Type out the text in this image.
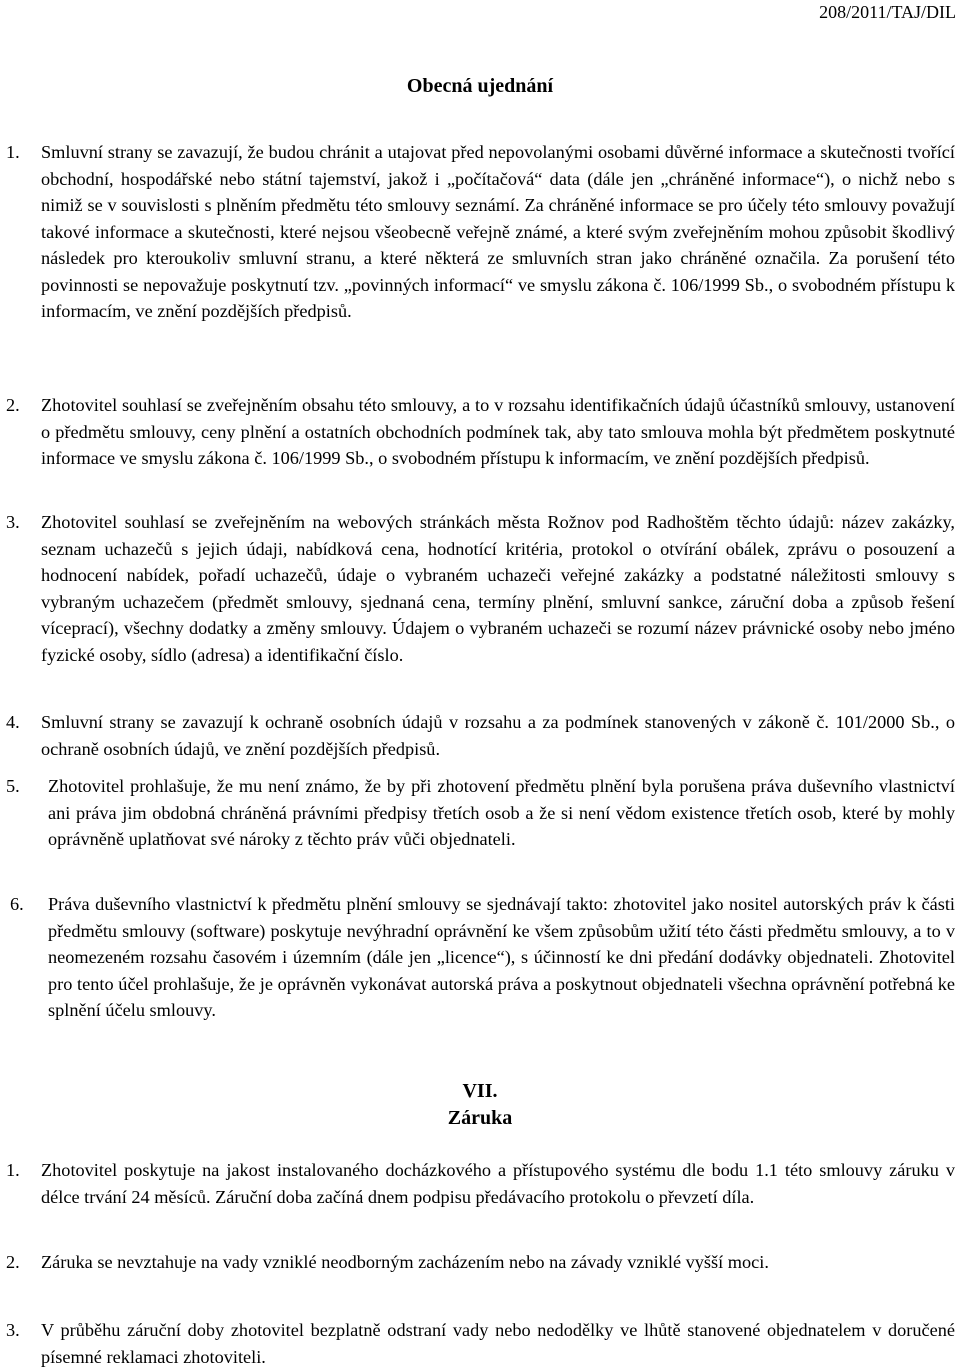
208/2011/TAJ/DIL
Obecná ujednání
1. Smluvní strany se zavazují, že budou chránit a utajovat před nepovolanými osobami důvěrné informace a skutečnosti tvořící obchodní, hospodářské nebo státní tajemství, jakož i „počítačová“ data (dále jen „chráněné informace“), o nichž nebo s nimiž se v souvislosti s plněním předmětu této smlouvy seznámí. Za chráněné informace se pro účely této smlouvy považují takové informace a skutečnosti, které nejsou všeobecně veřejně známé, a které svým zveřejněním mohou způsobit škodlivý následek pro kteroukoliv smluvní stranu, a které některá ze smluvních stran jako chráněné označila. Za porušení této povinnosti se nepovažuje poskytnutí tzv. „povinných informací“ ve smyslu zákona č. 106/1999 Sb., o svobodném přístupu k informacím, ve znění pozdějších předpisů.
2. Zhotovitel souhlasí se zveřejněním obsahu této smlouvy, a to v rozsahu identifikačních údajů účastníků smlouvy, ustanovení o předmětu smlouvy, ceny plnění a ostatních obchodních podmínek tak, aby tato smlouva mohla být předmětem poskytnuté informace ve smyslu zákona č. 106/1999 Sb., o svobodném přístupu k informacím, ve znění pozdějších předpisů.
3. Zhotovitel souhlasí se zveřejněním na webových stránkách města Rožnov pod Radhoštěm těchto údajů: název zakázky, seznam uchazečů s jejich údaji, nabídková cena, hodnotící kritéria, protokol o otvírání obálek, zprávu o posouzení a hodnocení nabídek, pořadí uchazečů, údaje o vybraném uchazeči veřejné zakázky a podstatné náležitosti smlouvy s vybraným uchazečem (předmět smlouvy, sjednaná cena, termíny plnění, smluvní sankce, záruční doba a způsob řešení víceprací), všechny dodatky a změny smlouvy. Údajem o vybraném uchazeči se rozumí název právnické osoby nebo jméno fyzické osoby, sídlo (adresa) a identifikační číslo.
4. Smluvní strany se zavazují k ochraně osobních údajů v rozsahu a za podmínek stanovených v zákoně č. 101/2000 Sb., o ochraně osobních údajů, ve znění pozdějších předpisů.
5. Zhotovitel prohlašuje, že mu není známo, že by při zhotovení předmětu plnění byla porušena práva duševního vlastnictví ani práva jim obdobná chráněná právními předpisy třetích osob a že si není vědom existence třetích osob, které by mohly oprávněně uplatňovat své nároky z těchto práv vůči objednateli.
6. Práva duševního vlastnictví k předmětu plnění smlouvy se sjednávají takto: zhotovitel jako nositel autorských práv k části předmětu smlouvy (software) poskytuje nevýhradní oprávnění ke všem způsobům užití této části předmětu smlouvy, a to v neomezeném rozsahu časovém i územním (dále jen „licence“), s účinností ke dni předání dodávky objednateli. Zhotovitel pro tento účel prohlašuje, že je oprávněn vykonávat autorská práva a poskytnout objednateli všechna oprávnění potřebná ke splnění účelu smlouvy.
VII.
Záruka
1. Zhotovitel poskytuje na jakost instalovaného docházkového a přístupového systému dle bodu 1.1 této smlouvy záruku v délce trvání 24 měsíců. Záruční doba začíná dnem podpisu předávacího protokolu o převzetí díla.
2. Záruka se nevztahuje na vady vzniklé neodborným zacházením nebo na závady vzniklé vyšší moci.
3. V průběhu záruční doby zhotovitel bezplatně odstraní vady nebo nedodělky ve lhůtě stanovené objednatelem v doručené písemné reklamaci zhotoviteli.
